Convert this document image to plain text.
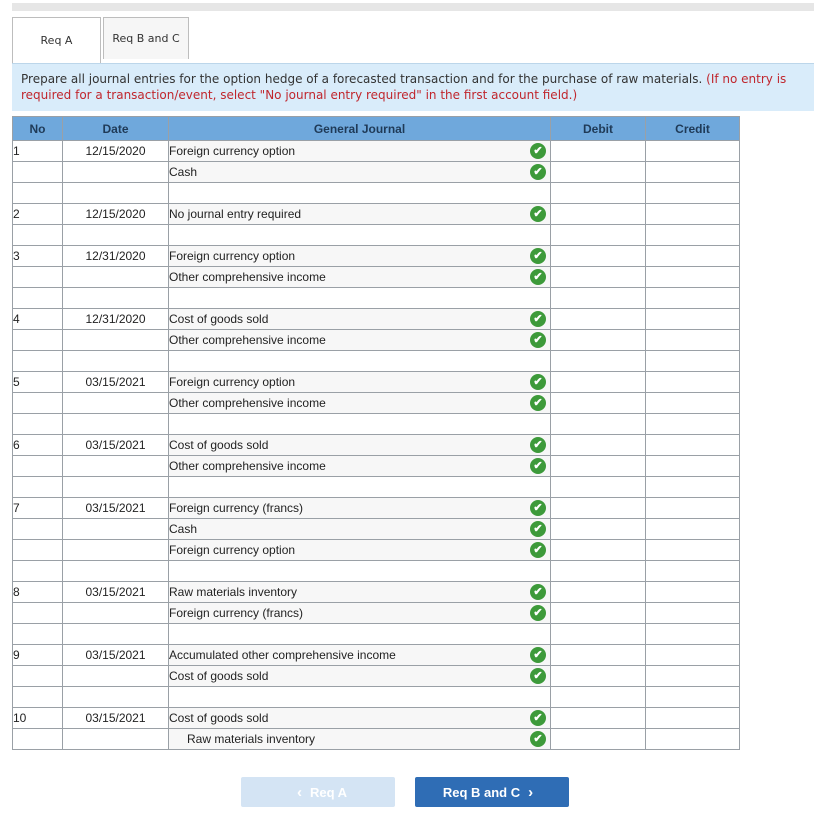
Req A	Req B and C
Prepare all journal entries for the option hedge of a forecasted transaction and for the purchase of raw materials. (If no entry is required for a transaction/event, select "No journal entry required" in the first account field.)
No	Date	General Journal	Debit	Credit
1	12/15/2020	Foreign currency option ✔		

		Cash ✔		

2	12/15/2020	No journal entry required ✔		

3	12/31/2020	Foreign currency option ✔		

		Other comprehensive income ✔		

4	12/31/2020	Cost of goods sold ✔		

		Other comprehensive income ✔		

5	03/15/2021	Foreign currency option ✔		

		Other comprehensive income ✔		

6	03/15/2021	Cost of goods sold ✔		

		Other comprehensive income ✔		

7	03/15/2021	Foreign currency (francs) ✔		

		Cash ✔		

		Foreign currency option ✔		

8	03/15/2021	Raw materials inventory ✔		

		Foreign currency (francs) ✔		

9	03/15/2021	Accumulated other comprehensive income ✔		

		Cost of goods sold ✔		

10	03/15/2021	Cost of goods sold ✔		

		Raw materials inventory ✔		

‹ Req A	Req B and C ›
